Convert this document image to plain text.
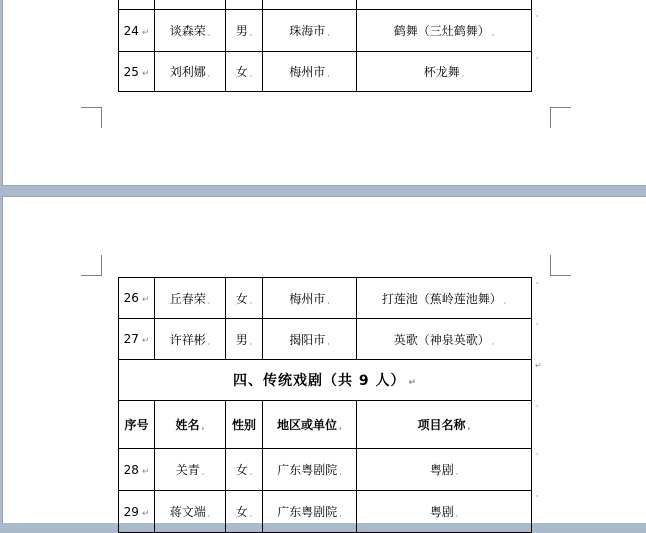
24 ↵	谈森荣 ,	男 ,	珠海市 ,	鹤舞（三灶鹤舞） ,
25 ↵	刘利娜 ,	女 ,	梅州市 ,	杯龙舞 ,
'
'
26 ↵	丘春荣 ,	女 ,	梅州市 ,	打莲池（蕉岭莲池舞） ,
27 ↵	许祥彬 ,	男 ,	揭阳市 ,	英歌（神泉英歌） ,
四、传统戏剧（共 9 人） ↵				
序号	姓名 ,	性别	地区或单位 ,	项目名称 ,
28 ↵	关青 ,	女 ,	广东粤剧院 ,	粤剧 ,
29 ↵	蒋文端 ,	女 ,	广东粤剧院 ,	粤剧 ,
'
'
↵
'
'
'
